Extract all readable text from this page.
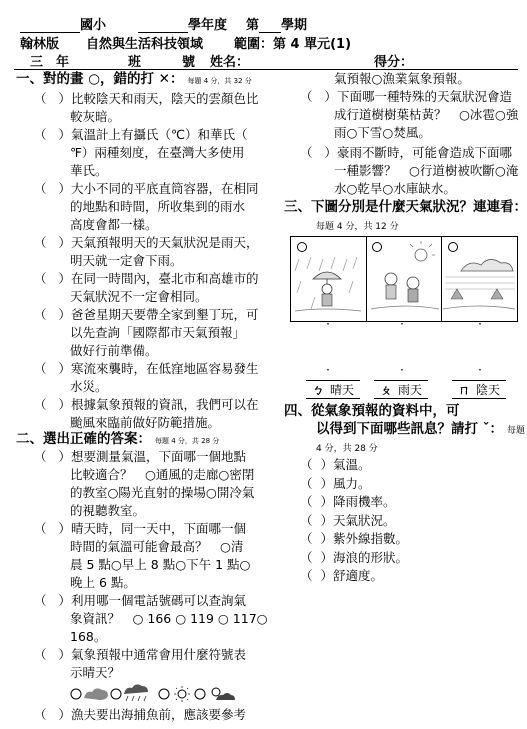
國小	學年度 第 學期
翰林版 自然與生活科技領域 範圍：第 4 單元(1)
三　年	班	號 姓名：	得分：
一、對的畫 ○，錯的打 ✕： 每題 4 分，共 32 分
（   ）比較陰天和雨天，陰天的雲顏色比
較灰暗。
（   ）氣溫計上有攝氏（℃）和華氏（
℉）兩種刻度，在臺灣大多使用
華氏。
（   ）大小不同的平底直筒容器，在相同
的地點和時間，所收集到的雨水
高度會都一樣。
（   ）天氣預報明天的天氣狀況是雨天，
明天就一定會下雨。
（   ）在同一時間內，臺北市和高雄市的
天氣狀況不一定會相同。
（   ）爸爸星期天要帶全家到墾丁玩，可
以先查詢「國際都市天氣預報」
做好行前準備。
（   ）寒流來襲時，在低窪地區容易發生
水災。
（   ）根據氣象預報的資訊，我們可以在
颱風來臨前做好防範措施。
二、選出正確的答案： 每題 4 分，共 28 分
（   ）想要測量氣溫，下面哪一個地點
比較適合？　○通風的走廊○密閉
的教室○陽光直射的操場○開冷氣
的視聽教室。
（   ）晴天時，同一天中，下面哪一個
時間的氣溫可能會最高？　○清
晨 5 點○早上 8 點○下午 1 點○
晚上 6 點。
（   ）利用哪一個電話號碼可以查詢氣
象資訊？　○ 166 ○ 119 ○ 117○
168。
（   ）氣象預報中通常會用什麼符號表
示晴天？
（   ）漁夫要出海捕魚前，應該要參考
氣預報○漁業氣象預報。
（   ）下面哪一種特殊的天氣狀況會造
成行道樹樹葉枯黃？　○冰雹○強
雨○下雪○焚風。
（   ）豪雨不斷時，可能會造成下面哪
一種影響？　○行道樹被吹斷○淹
水○乾旱○水庫缺水。
三、下圖分別是什麼天氣狀況？連連看：
每題 4 分，共 12 分
四、從氣象預報的資料中，可
以得到下面哪些訊息？請打 ˇ： 每題
4 分，共 28 分
（  ）氣溫。
（  ）風力。
（  ）降雨機率。
（  ）天氣狀況。
（  ）紫外線指數。
（  ）海浪的形狀。
（  ）舒適度。
·	·	·
·	·	·
ㄅ 晴天	ㄆ 雨天	ㄇ 陰天
